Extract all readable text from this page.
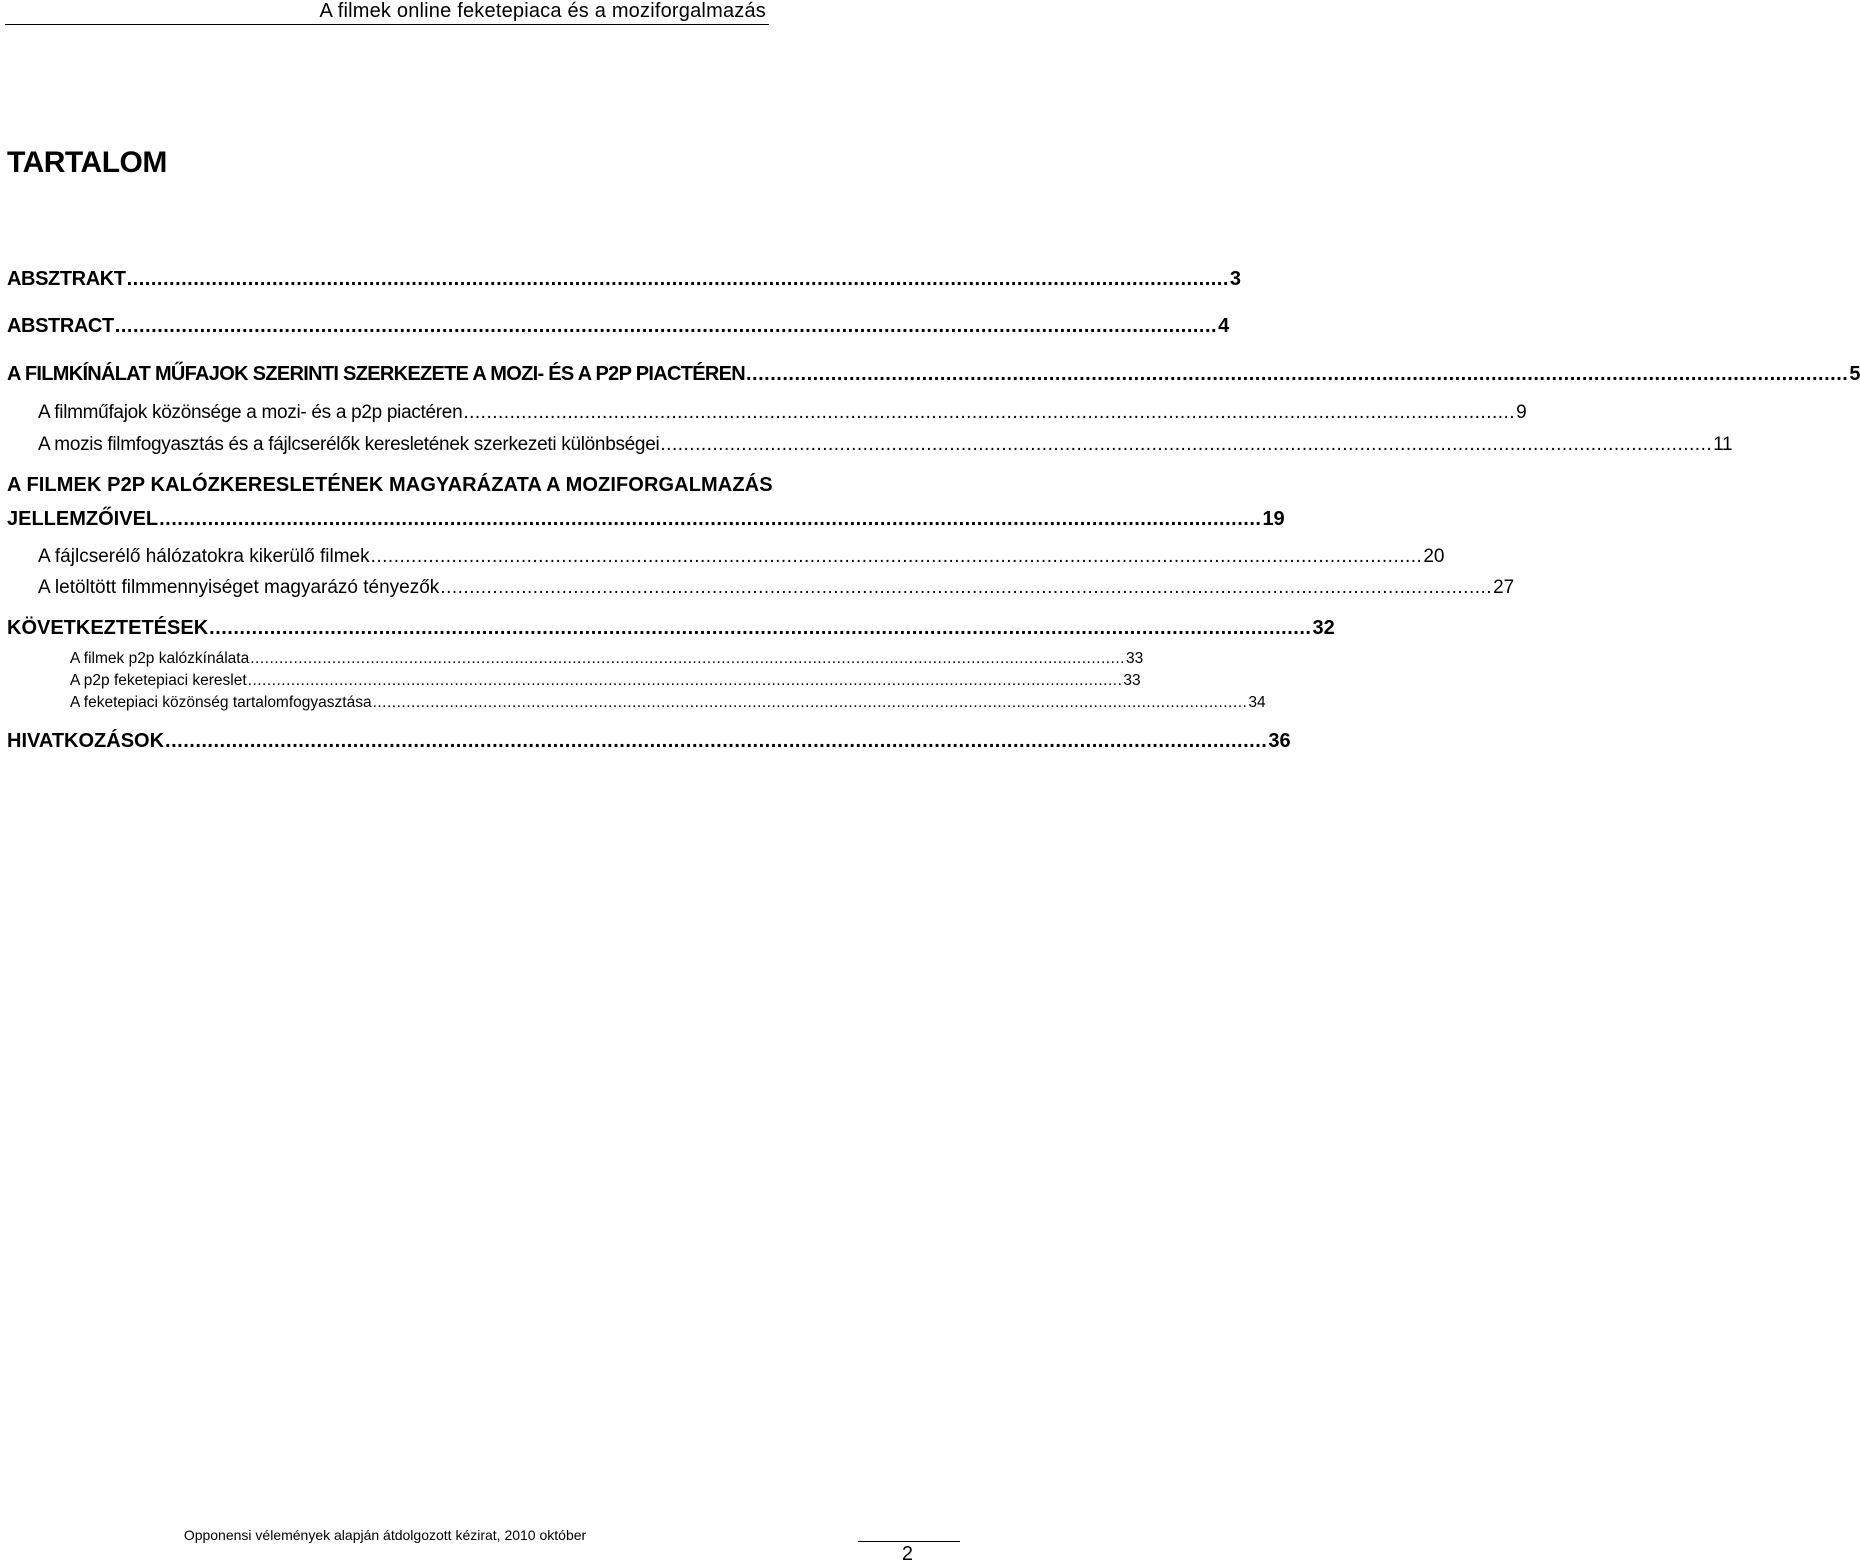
A filmek online feketepiaca és a moziforgalmazás
TARTALOM
ABSZTRAKT ...................................................................................................................................................................................... 3
ABSTRACT ...................................................................................................................................................................................... 4
A FILMKÍNÁLAT MŰFAJOK SZERINTI SZERKEZETE A MOZI- ÉS A P2P PIACTÉREN ...................................................................................................................................................................................... 5
A filmműfajok közönsége a mozi- és a p2p piactéren ...................................................................................................................................................................................... 9
A mozis filmfogyasztás és a fájlcserélők keresletének szerkezeti különbségei ...................................................................................................................................................................................... 11
A FILMEK P2P KALÓZKERESLETÉNEK MAGYARÁZATA A MOZIFORGALMAZÁS
JELLEMZŐIVEL ...................................................................................................................................................................................... 19
A fájlcserélő hálózatokra kikerülő filmek ...................................................................................................................................................................................... 20
A letöltött filmmennyiséget magyarázó tényezők ...................................................................................................................................................................................... 27
KÖVETKEZTETÉSEK ...................................................................................................................................................................................... 32
A filmek p2p kalózkínálata ...................................................................................................................................................................................... 33
A p2p feketepiaci kereslet ...................................................................................................................................................................................... 33
A feketepiaci közönség tartalomfogyasztása ...................................................................................................................................................................................... 34
HIVATKOZÁSOK ...................................................................................................................................................................................... 36
Opponensi vélemények alapján átdolgozott kézirat, 2010 október
2
